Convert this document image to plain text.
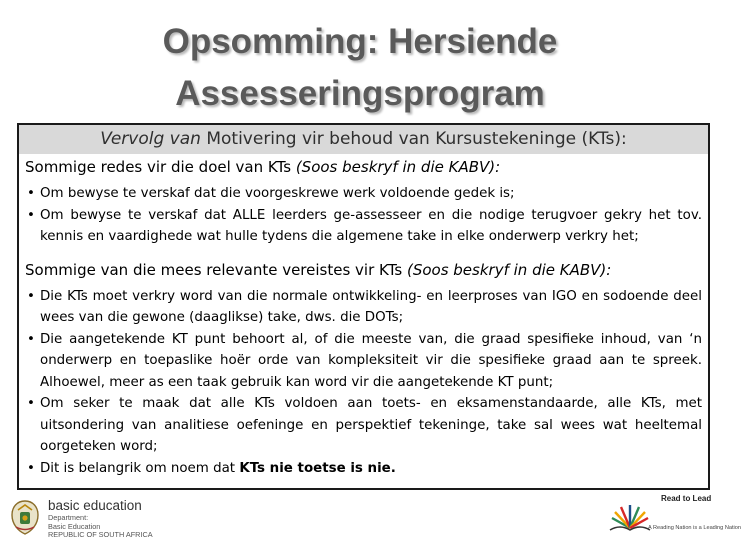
Opsomming: Hersiende
Assesseringsprogram
Vervolg van Motivering vir behoud van Kursustekeninge (KTs):
Sommige redes vir die doel van KTs (Soos beskryf in die KABV):
• Om bewyse te verskaf dat die voorgeskrewe werk voldoende gedek is;
• Om bewyse te verskaf dat ALLE leerders ge-assesseer en die nodige terugvoer gekry het tov. kennis en vaardighede wat hulle tydens die algemene take in elke onderwerp verkry het;
Sommige van die mees relevante vereistes vir KTs (Soos beskryf in die KABV):
• Die KTs moet verkry word van die normale ontwikkeling- en leerproses van IGO en sodoende deel wees van die gewone (daaglikse) take, dws. die DOTs;
• Die aangetekende KT punt behoort al, of die meeste van, die graad spesifieke inhoud, van ‘n onderwerp en toepaslike hoër orde van kompleksiteit vir die spesifieke graad aan te spreek. Alhoewel, meer as een taak gebruik kan word vir die aangetekende KT punt;
• Om seker te maak dat alle KTs voldoen aan toets- en eksamenstandaarde, alle KTs, met uitsondering van analitiese oefeninge en perspektief tekeninge, take sal wees wat heeltemal oorgeteken word;
• Dit is belangrik om noem dat KTs nie toetse is nie.
basic education
Department:
Basic Education
REPUBLIC OF SOUTH AFRICA
Read to Lead
A Reading Nation is a Leading Nation
